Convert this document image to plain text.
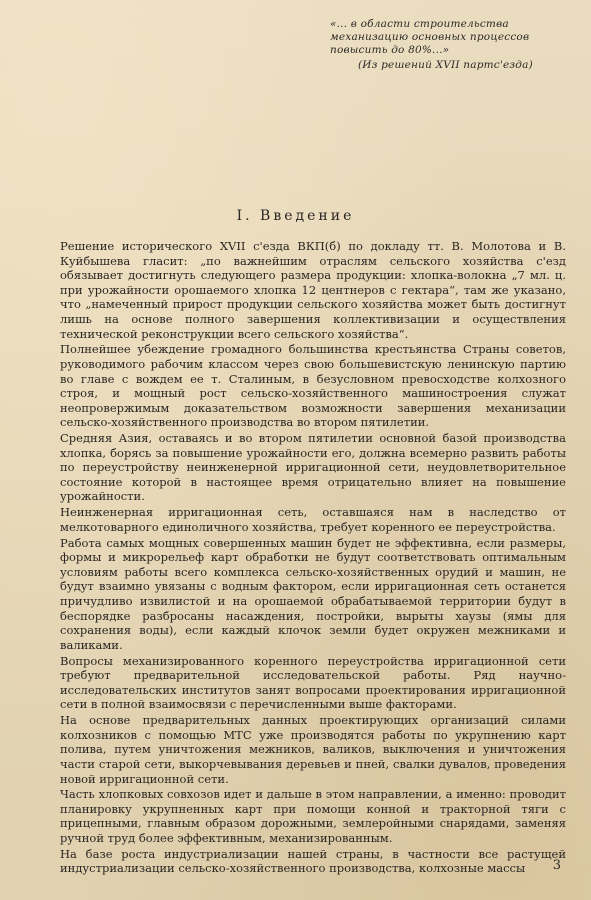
«... в области строительства механизацию основных процессов повысить до 80%...»
(Из решений XVII партс'езда)
I. Введение

Решение исторического XVII с'езда ВКП(б) по докладу тт. В. Молотова и В. Куйбышева гласит: „по важнейшим отраслям сельского хозяйства с'езд обязывает достигнуть следующего размера продукции: хлопка-волокна „7 мл. ц. при урожайности орошаемого хлопка 12 центнеров с гектара“, там же указано, что „намеченный прирост продукции сельского хозяйства может быть достигнут лишь на основе полного завершения коллективизации и осуществления технической реконструкции всего сельского хозяйства“.

Полнейшее убеждение громадного большинства крестьянства Страны советов, руководимого рабочим классом через свою большевистскую ленинскую партию во главе с вождем ее т. Сталиным, в безусловном превосходстве колхозного строя, и мощный рост сельско-хозяйственного машиностроения служат неопровержимым доказательством возможности завершения механизации сельско-хозяйственного производства во втором пятилетии.

Средняя Азия, оставаясь и во втором пятилетии основной базой производства хлопка, борясь за повышение урожайности его, должна всемерно развить работы по переустройству неинженерной ирригационной сети, неудовлетворительное состояние которой в настоящее время отрицательно влияет на повышение урожайности.

Неинженерная ирригационная сеть, оставшаяся нам в наследство от мелкотоварного единоличного хозяйства, требует коренного ее переустройства.

Работа самых мощных совершенных машин будет не эффективна, если размеры, формы и микрорельеф карт обработки не будут соответствовать оптимальным условиям работы всего комплекса сельско-хозяйственных орудий и машин, не будут взаимно увязаны с водным фактором, если ирригационная сеть останется причудливо извилистой и на орошаемой обрабатываемой территории будут в беспорядке разбросаны насаждения, постройки, вырыты хаузы (ямы для сохранения воды), если каждый клочок земли будет окружен межниками и валиками.

Вопросы механизированного коренного переустройства ирригационной сети требуют предварительной исследовательской работы. Ряд научно-исследовательских институтов занят вопросами проектирования ирригационной сети в полной взаимосвязи с перечисленными выше факторами.

На основе предварительных данных проектирующих организаций силами колхозников с помощью МТС уже производятся работы по укрупнению карт полива, путем уничтожения межников, валиков, выключения и уничтожения части старой сети, выкорчевывания деревьев и пней, свалки дувалов, проведения новой ирригационной сети.

Часть хлопковых совхозов идет и дальше в этом направлении, а именно: проводит планировку укрупненных карт при помощи конной и тракторной тяги с прицепными, главным образом дорожными, землеройными снарядами, заменяя ручной труд более эффективным, механизированным.

На базе роста индустриализации нашей страны, в частности все растущей индустриализации сельско-хозяйственного производства, колхозные массы	3
